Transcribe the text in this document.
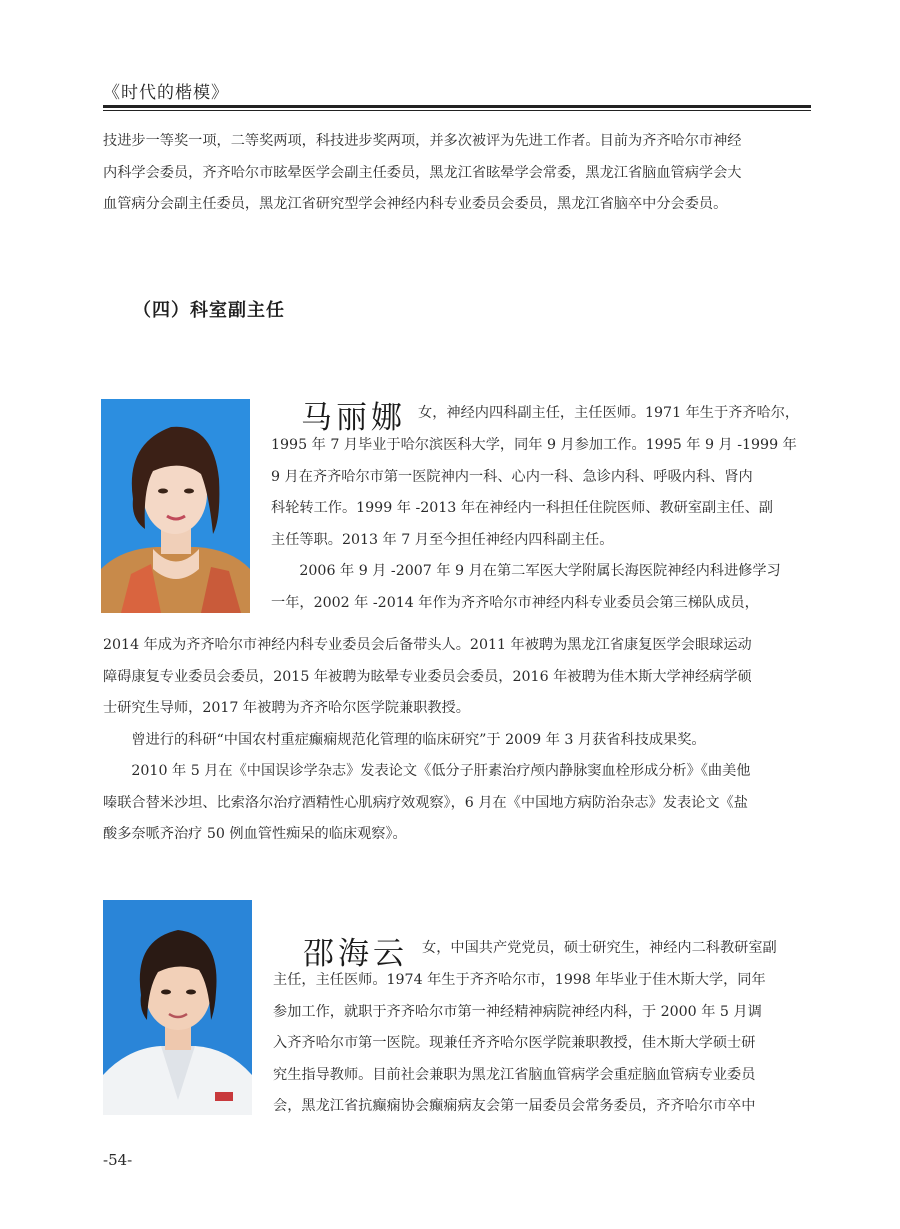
《时代的楷模》
技进步一等奖一项，二等奖两项，科技进步奖两项，并多次被评为先进工作者。目前为齐齐哈尔市神经
内科学会委员，齐齐哈尔市眩晕医学会副主任委员，黑龙江省眩晕学会常委，黑龙江省脑血管病学会大
血管病分会副主任委员，黑龙江省研究型学会神经内科专业委员会委员，黑龙江省脑卒中分会委员。
（四）科室副主任
马丽娜 女，神经内四科副主任，主任医师。1971 年生于齐齐哈尔，
1995 年 7 月毕业于哈尔滨医科大学，同年 9 月参加工作。1995 年 9 月 -1999 年
9 月在齐齐哈尔市第一医院神内一科、心内一科、急诊内科、呼吸内科、肾内
科轮转工作。1999 年 -2013 年在神经内一科担任住院医师、教研室副主任、副
主任等职。2013 年 7 月至今担任神经内四科副主任。
　　2006 年 9 月 -2007 年 9 月在第二军医大学附属长海医院神经内科进修学习
一年，2002 年 -2014 年作为齐齐哈尔市神经内科专业委员会第三梯队成员，
2014 年成为齐齐哈尔市神经内科专业委员会后备带头人。2011 年被聘为黑龙江省康复医学会眼球运动
障碍康复专业委员会委员，2015 年被聘为眩晕专业委员会委员，2016 年被聘为佳木斯大学神经病学硕
士研究生导师，2017 年被聘为齐齐哈尔医学院兼职教授。
　　曾进行的科研“中国农村重症癫痫规范化管理的临床研究”于 2009 年 3 月获省科技成果奖。
　　2010 年 5 月在《中国误诊学杂志》发表论文《低分子肝素治疗颅内静脉窦血栓形成分析》《曲美他
嗪联合替米沙坦、比索洛尔治疗酒精性心肌病疗效观察》，6 月在《中国地方病防治杂志》发表论文《盐
酸多奈哌齐治疗 50 例血管性痴呆的临床观察》。
邵海云 女，中国共产党党员，硕士研究生，神经内二科教研室副
主任，主任医师。1974 年生于齐齐哈尔市，1998 年毕业于佳木斯大学，同年
参加工作，就职于齐齐哈尔市第一神经精神病院神经内科，于 2000 年 5 月调
入齐齐哈尔市第一医院。现兼任齐齐哈尔医学院兼职教授，佳木斯大学硕士研
究生指导教师。目前社会兼职为黑龙江省脑血管病学会重症脑血管病专业委员
会，黑龙江省抗癫痫协会癫痫病友会第一届委员会常务委员，齐齐哈尔市卒中
-54-
